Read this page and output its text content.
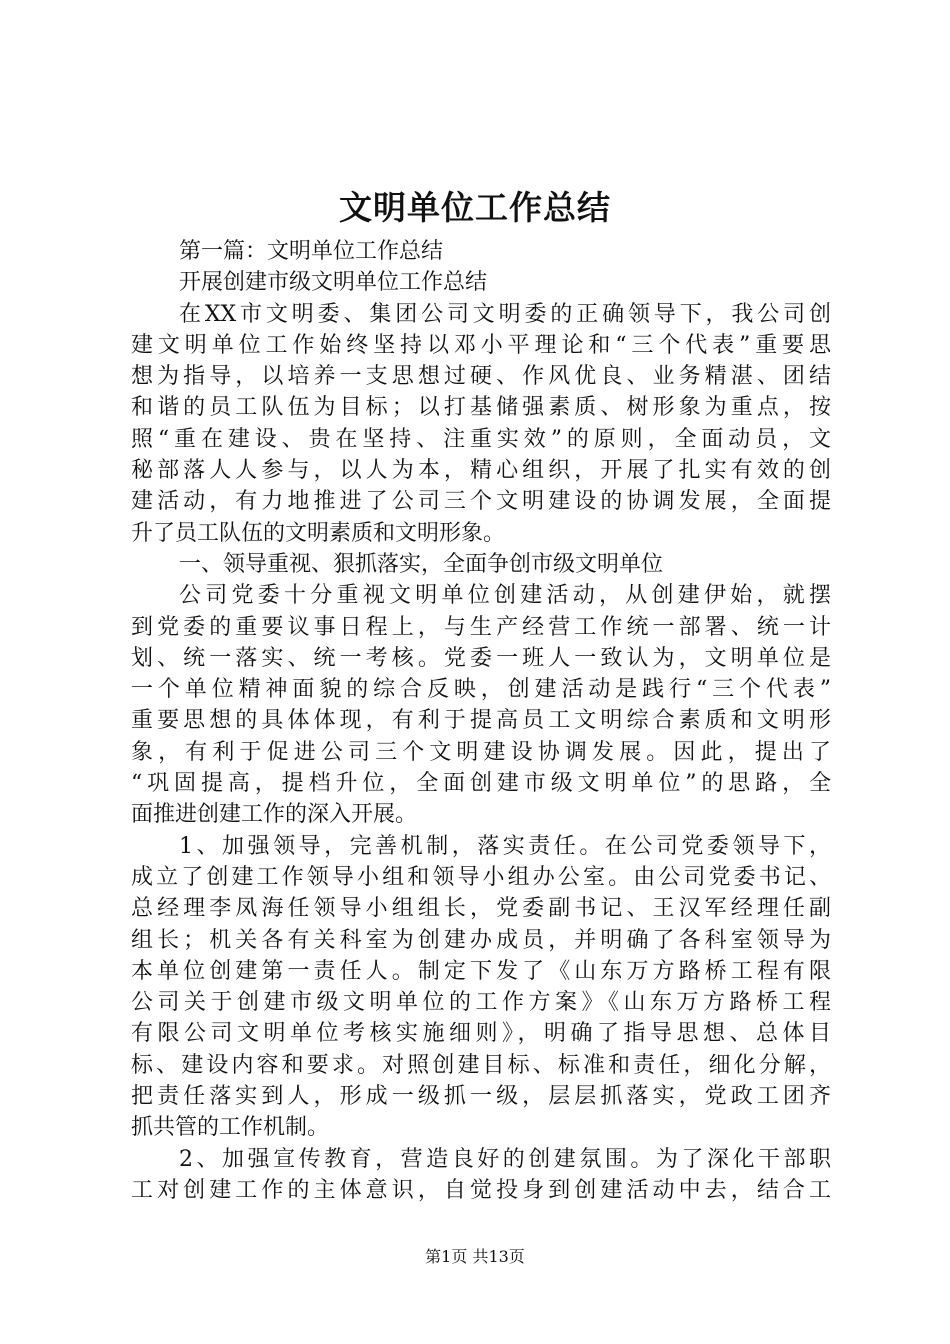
文明单位工作总结
第一篇：文明单位工作总结
开展创建市级文明单位工作总结
在XX市文明委、集团公司文明委的正确领导下，我公司创
建文明单位工作始终坚持以邓小平理论和“三个代表”重要思
想为指导，以培养一支思想过硬、作风优良、业务精湛、团结
和谐的员工队伍为目标；以打基储强素质、树形象为重点，按
照“重在建设、贵在坚持、注重实效”的原则，全面动员，文
秘部落人人参与，以人为本，精心组织，开展了扎实有效的创
建活动，有力地推进了公司三个文明建设的协调发展，全面提
升了员工队伍的文明素质和文明形象。
一、领导重视、狠抓落实，全面争创市级文明单位
公司党委十分重视文明单位创建活动，从创建伊始，就摆
到党委的重要议事日程上，与生产经营工作统一部署、统一计
划、统一落实、统一考核。党委一班人一致认为，文明单位是
一个单位精神面貌的综合反映，创建活动是践行“三个代表”
重要思想的具体体现，有利于提高员工文明综合素质和文明形
象，有利于促进公司三个文明建设协调发展。因此，提出了
“巩固提高，提档升位，全面创建市级文明单位”的思路，全
面推进创建工作的深入开展。
1、加强领导，完善机制，落实责任。在公司党委领导下，
成立了创建工作领导小组和领导小组办公室。由公司党委书记、
总经理李凤海任领导小组组长，党委副书记、王汉军经理任副
组长；机关各有关科室为创建办成员，并明确了各科室领导为
本单位创建第一责任人。制定下发了《山东万方路桥工程有限
公司关于创建市级文明单位的工作方案》《山东万方路桥工程
有限公司文明单位考核实施细则》，明确了指导思想、总体目
标、建设内容和要求。对照创建目标、标准和责任，细化分解，
把责任落实到人，形成一级抓一级，层层抓落实，党政工团齐
抓共管的工作机制。
2、加强宣传教育，营造良好的创建氛围。为了深化干部职
工对创建工作的主体意识，自觉投身到创建活动中去，结合工
第1页 共13页
